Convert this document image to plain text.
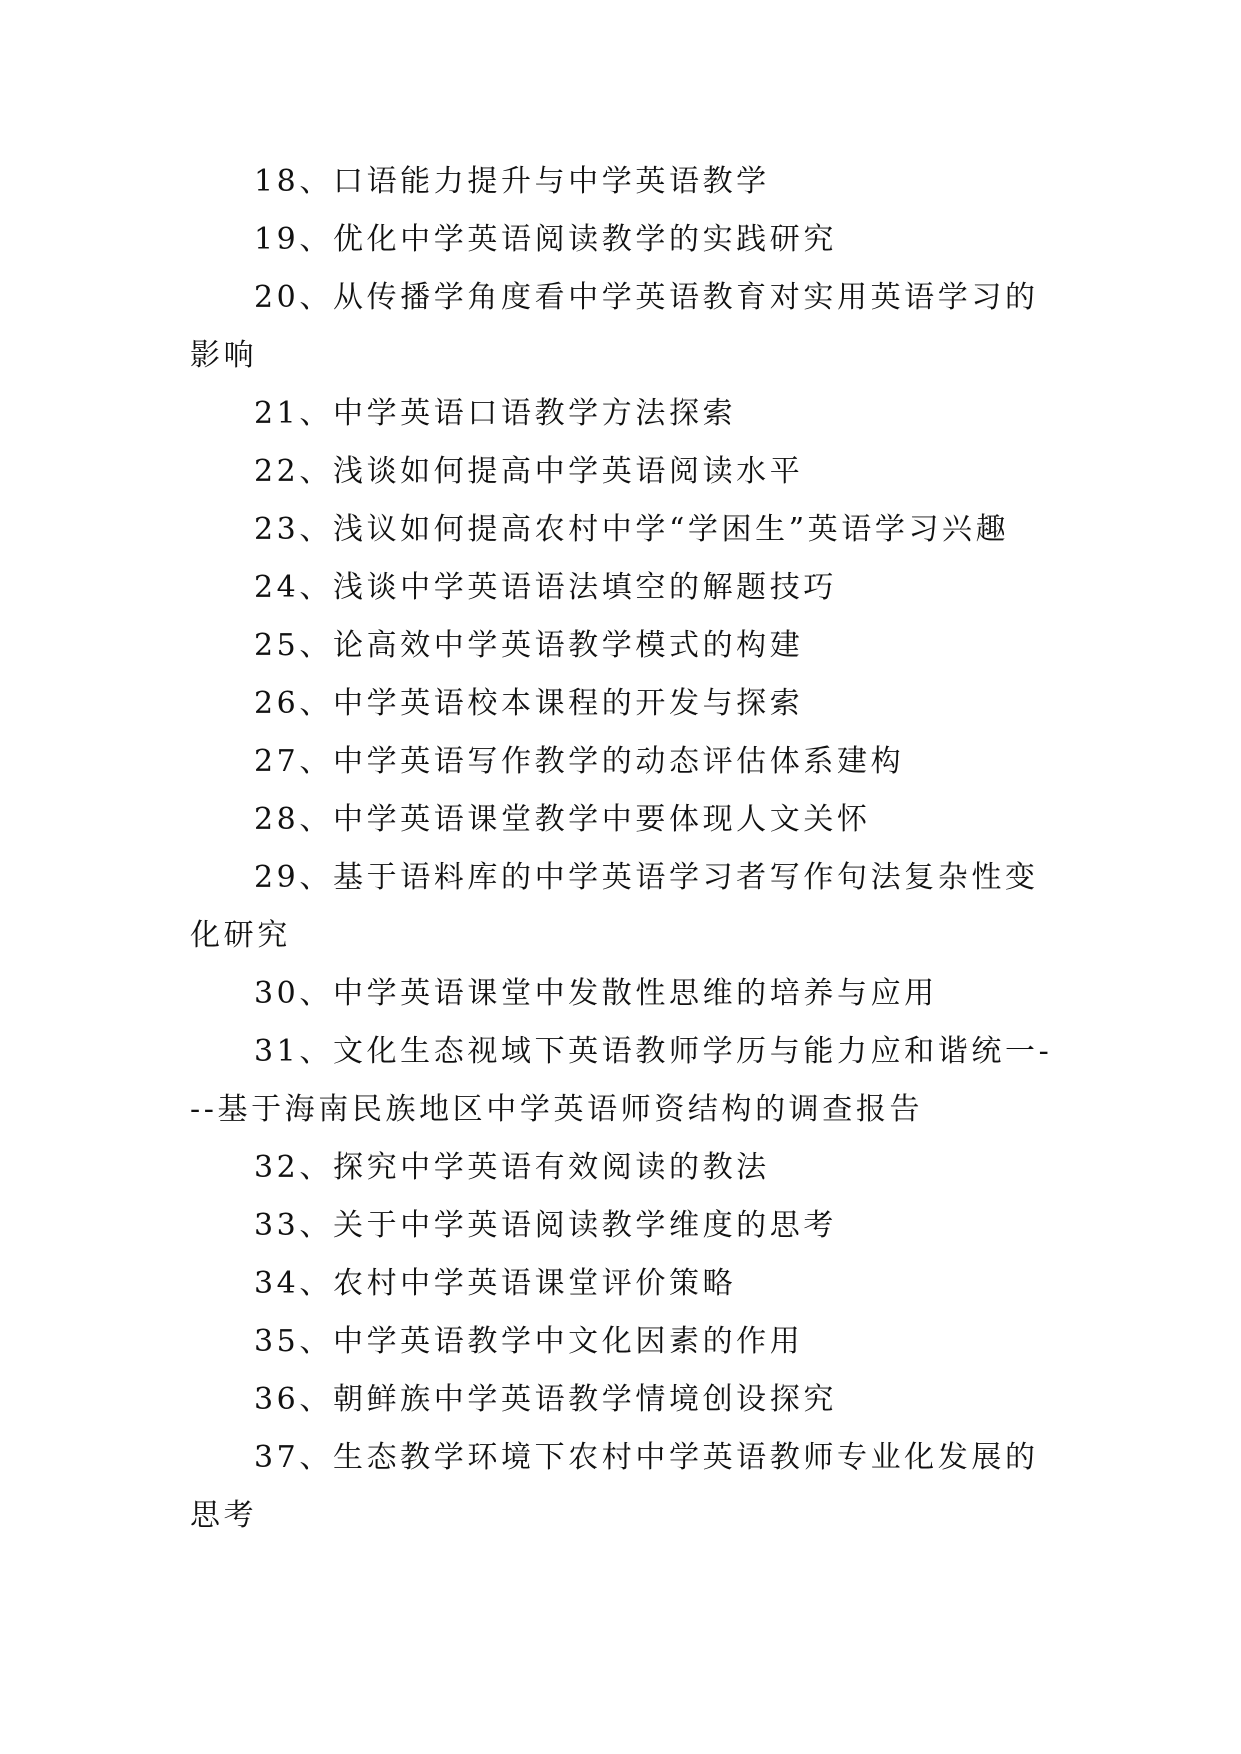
18、口语能力提升与中学英语教学
19、优化中学英语阅读教学的实践研究
20、从传播学角度看中学英语教育对实用英语学习的影响
21、中学英语口语教学方法探索
22、浅谈如何提高中学英语阅读水平
23、浅议如何提高农村中学“学困生”英语学习兴趣
24、浅谈中学英语语法填空的解题技巧
25、论高效中学英语教学模式的构建
26、中学英语校本课程的开发与探索
27、中学英语写作教学的动态评估体系建构
28、中学英语课堂教学中要体现人文关怀
29、基于语料库的中学英语学习者写作句法复杂性变化研究
30、中学英语课堂中发散性思维的培养与应用
31、文化生态视域下英语教师学历与能力应和谐统一---基于海南民族地区中学英语师资结构的调查报告
32、探究中学英语有效阅读的教法
33、关于中学英语阅读教学维度的思考
34、农村中学英语课堂评价策略
35、中学英语教学中文化因素的作用
36、朝鲜族中学英语教学情境创设探究
37、生态教学环境下农村中学英语教师专业化发展的思考
